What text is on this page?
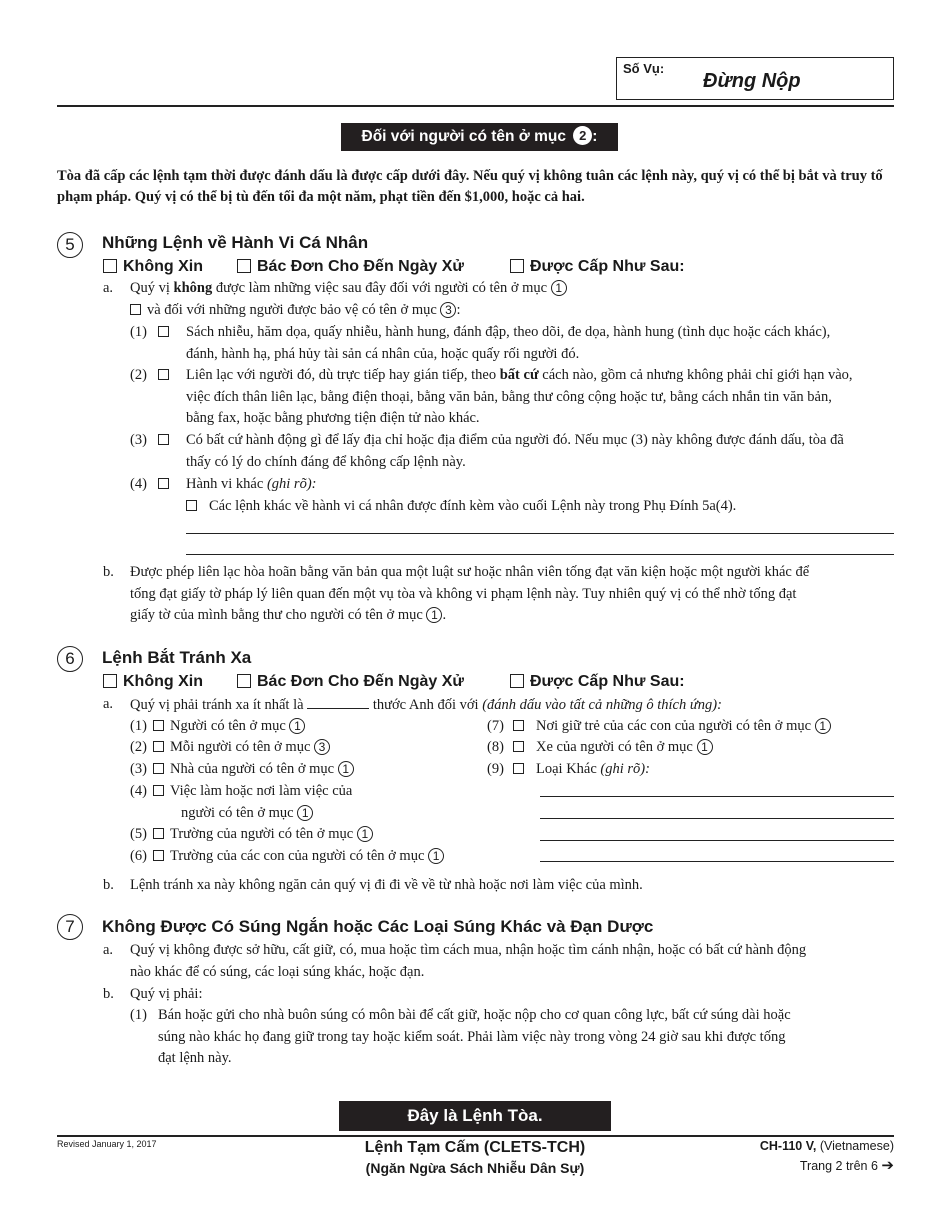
Số Vụ:
Đừng Nộp
Đối với người có tên ở mục 2 :
Tòa đã cấp các lệnh tạm thời được đánh dấu là được cấp dưới đây. Nếu quý vị không tuân các lệnh này, quý vị có thể bị bắt và truy tố phạm pháp. Quý vị có thể bị tù đến tối đa một năm, phạt tiền đến $1,000, hoặc cả hai.
5	Những Lệnh về Hành Vi Cá Nhân
Không Xin	Bác Đơn Cho Đến Ngày Xử	Được Cấp Như Sau:
a. Quý vị không được làm những việc sau đây đối với người có tên ở mục 1
và đối với những người được bảo vệ có tên ở mục 3 :
(1)	Sách nhiễu, hăm dọa, quấy nhiễu, hành hung, đánh đập, theo dõi, đe dọa, hành hung (tình dục hoặc cách khác),
đánh, hành hạ, phá hủy tài sản cá nhân của, hoặc quấy rối người đó.
(2)	Liên lạc với người đó, dù trực tiếp hay gián tiếp, theo bất cứ cách nào, gồm cả nhưng không phải chỉ giới hạn vào,
việc đích thân liên lạc, bằng điện thoại, bằng văn bản, bằng thư công cộng hoặc tư, bằng cách nhắn tin văn bản,
bằng fax, hoặc bằng phương tiện điện tử nào khác.
(3)	Có bất cứ hành động gì để lấy địa chỉ hoặc địa điểm của người đó. Nếu mục (3) này không được đánh dấu, tòa đã
thấy có lý do chính đáng để không cấp lệnh này.
(4)	Hành vi khác (ghi rõ):
Các lệnh khác về hành vi cá nhân được đính kèm vào cuối Lệnh này trong Phụ Đính 5a(4).
b. Được phép liên lạc hòa hoãn bằng văn bản qua một luật sư hoặc nhân viên tống đạt văn kiện hoặc một người khác để
tống đạt giấy tờ pháp lý liên quan đến một vụ tòa và không vi phạm lệnh này. Tuy nhiên quý vị có thể nhờ tống đạt
giấy tờ của mình bằng thư cho người có tên ở mục 1 .
6	Lệnh Bắt Tránh Xa
Không Xin	Bác Đơn Cho Đến Ngày Xử	Được Cấp Như Sau:
a. Quý vị phải tránh xa ít nhất là	thước Anh đối với (đánh dấu vào tất cả những ô thích ứng):
(1) Người có tên ở mục 1
(2) Mỗi người có tên ở mục 3
(3) Nhà của người có tên ở mục 1
(4) Việc làm hoặc nơi làm việc của
người có tên ở mục 1
(5) Trường của người có tên ở mục 1
(6) Trường của các con của người có tên ở mục 1
(7) Nơi giữ trẻ của các con của người có tên ở mục 1
(8) Xe của người có tên ở mục 1
(9) Loại Khác (ghi rõ):
b. Lệnh tránh xa này không ngăn cản quý vị đi đi về về từ nhà hoặc nơi làm việc của mình.
7	Không Được Có Súng Ngắn hoặc Các Loại Súng Khác và Đạn Dược
a. Quý vị không được sở hữu, cất giữ, có, mua hoặc tìm cách mua, nhận hoặc tìm cánh nhận, hoặc có bất cứ hành động
nào khác để có súng, các loại súng khác, hoặc đạn.
b. Quý vị phải:
(1) Bán hoặc gửi cho nhà buôn súng có môn bài để cất giữ, hoặc nộp cho cơ quan công lực, bất cứ súng dài hoặc
súng nào khác họ đang giữ trong tay hoặc kiểm soát. Phải làm việc này trong vòng 24 giờ sau khi được tống
đạt lệnh này.
Đây là Lệnh Tòa.
Revised January 1, 2017	Lệnh Tạm Cấm (CLETS-TCH)
(Ngăn Ngừa Sách Nhiễu Dân Sự)
CH-110 V, (Vietnamese)
Trang 2 trên 6 ➔
